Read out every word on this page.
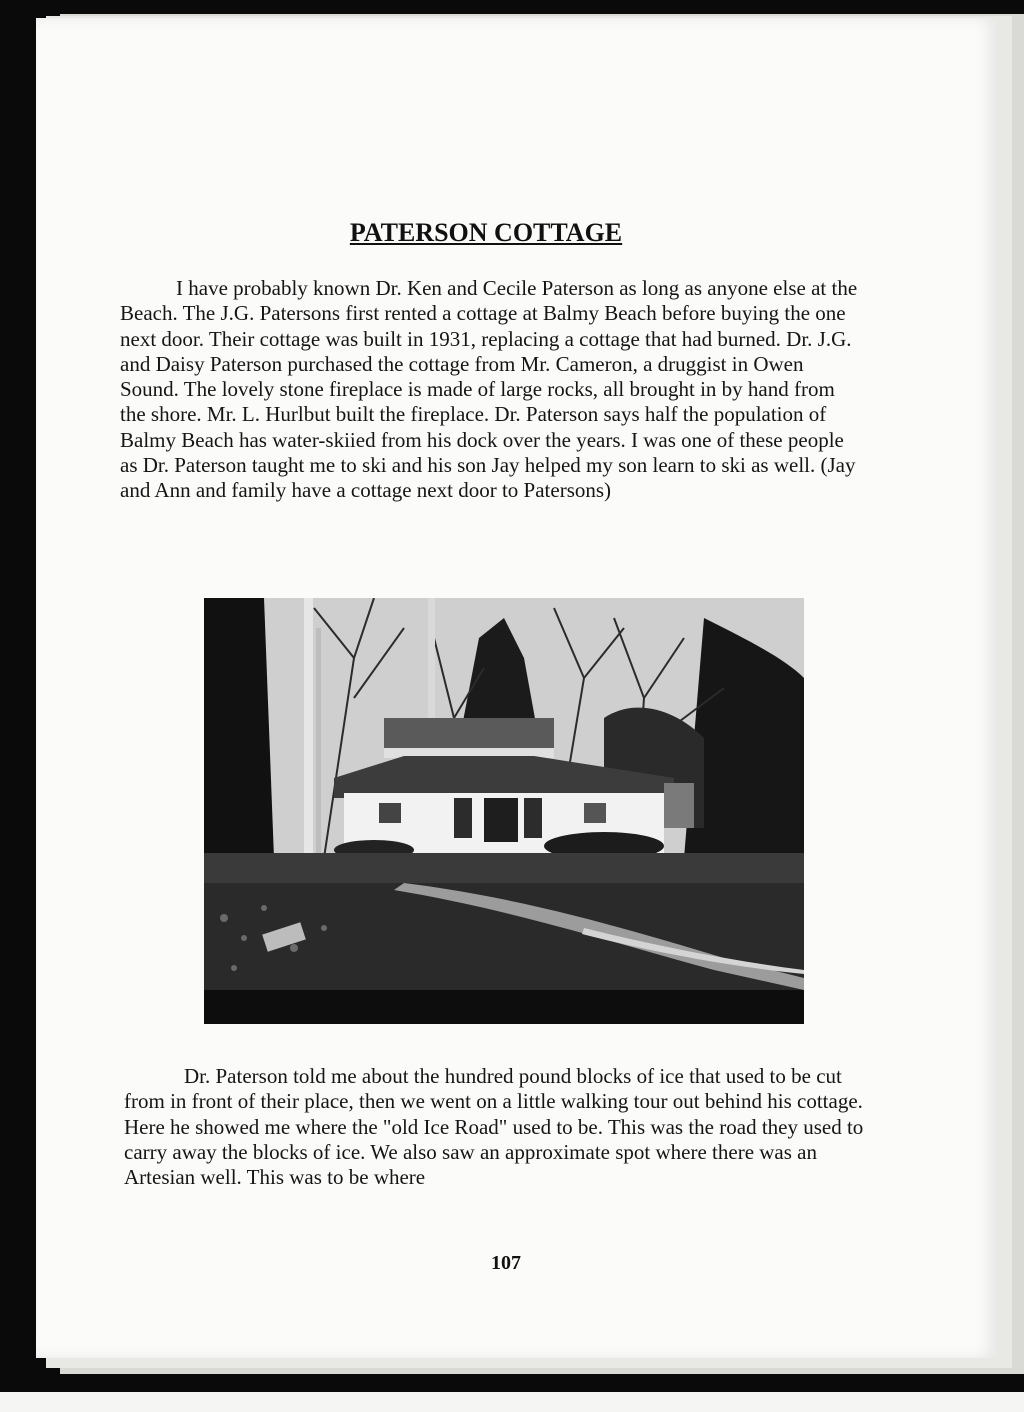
PATERSON COTTAGE

I have probably known Dr. Ken and Cecile Paterson as long as anyone else at the Beach. The J.G. Patersons first rented a cottage at Balmy Beach before buying the one next door. Their cottage was built in 1931, replacing a cottage that had burned. Dr. J.G. and Daisy Paterson purchased the cottage from Mr. Cameron, a druggist in Owen Sound. The lovely stone fireplace is made of large rocks, all brought in by hand from the shore. Mr. L. Hurlbut built the fireplace. Dr. Paterson says half the population of Balmy Beach has water-skiied from his dock over the years. I was one of these people as Dr. Paterson taught me to ski and his son Jay helped my son learn to ski as well. (Jay and Ann and family have a cottage next door to Patersons)

Dr. Paterson told me about the hundred pound blocks of ice that used to be cut from in front of their place, then we went on a little walking tour out behind his cottage. Here he showed me where the "old Ice Road" used to be. This was the road they used to carry away the blocks of ice. We also saw an approximate spot where there was an Artesian well. This was to be where

107
